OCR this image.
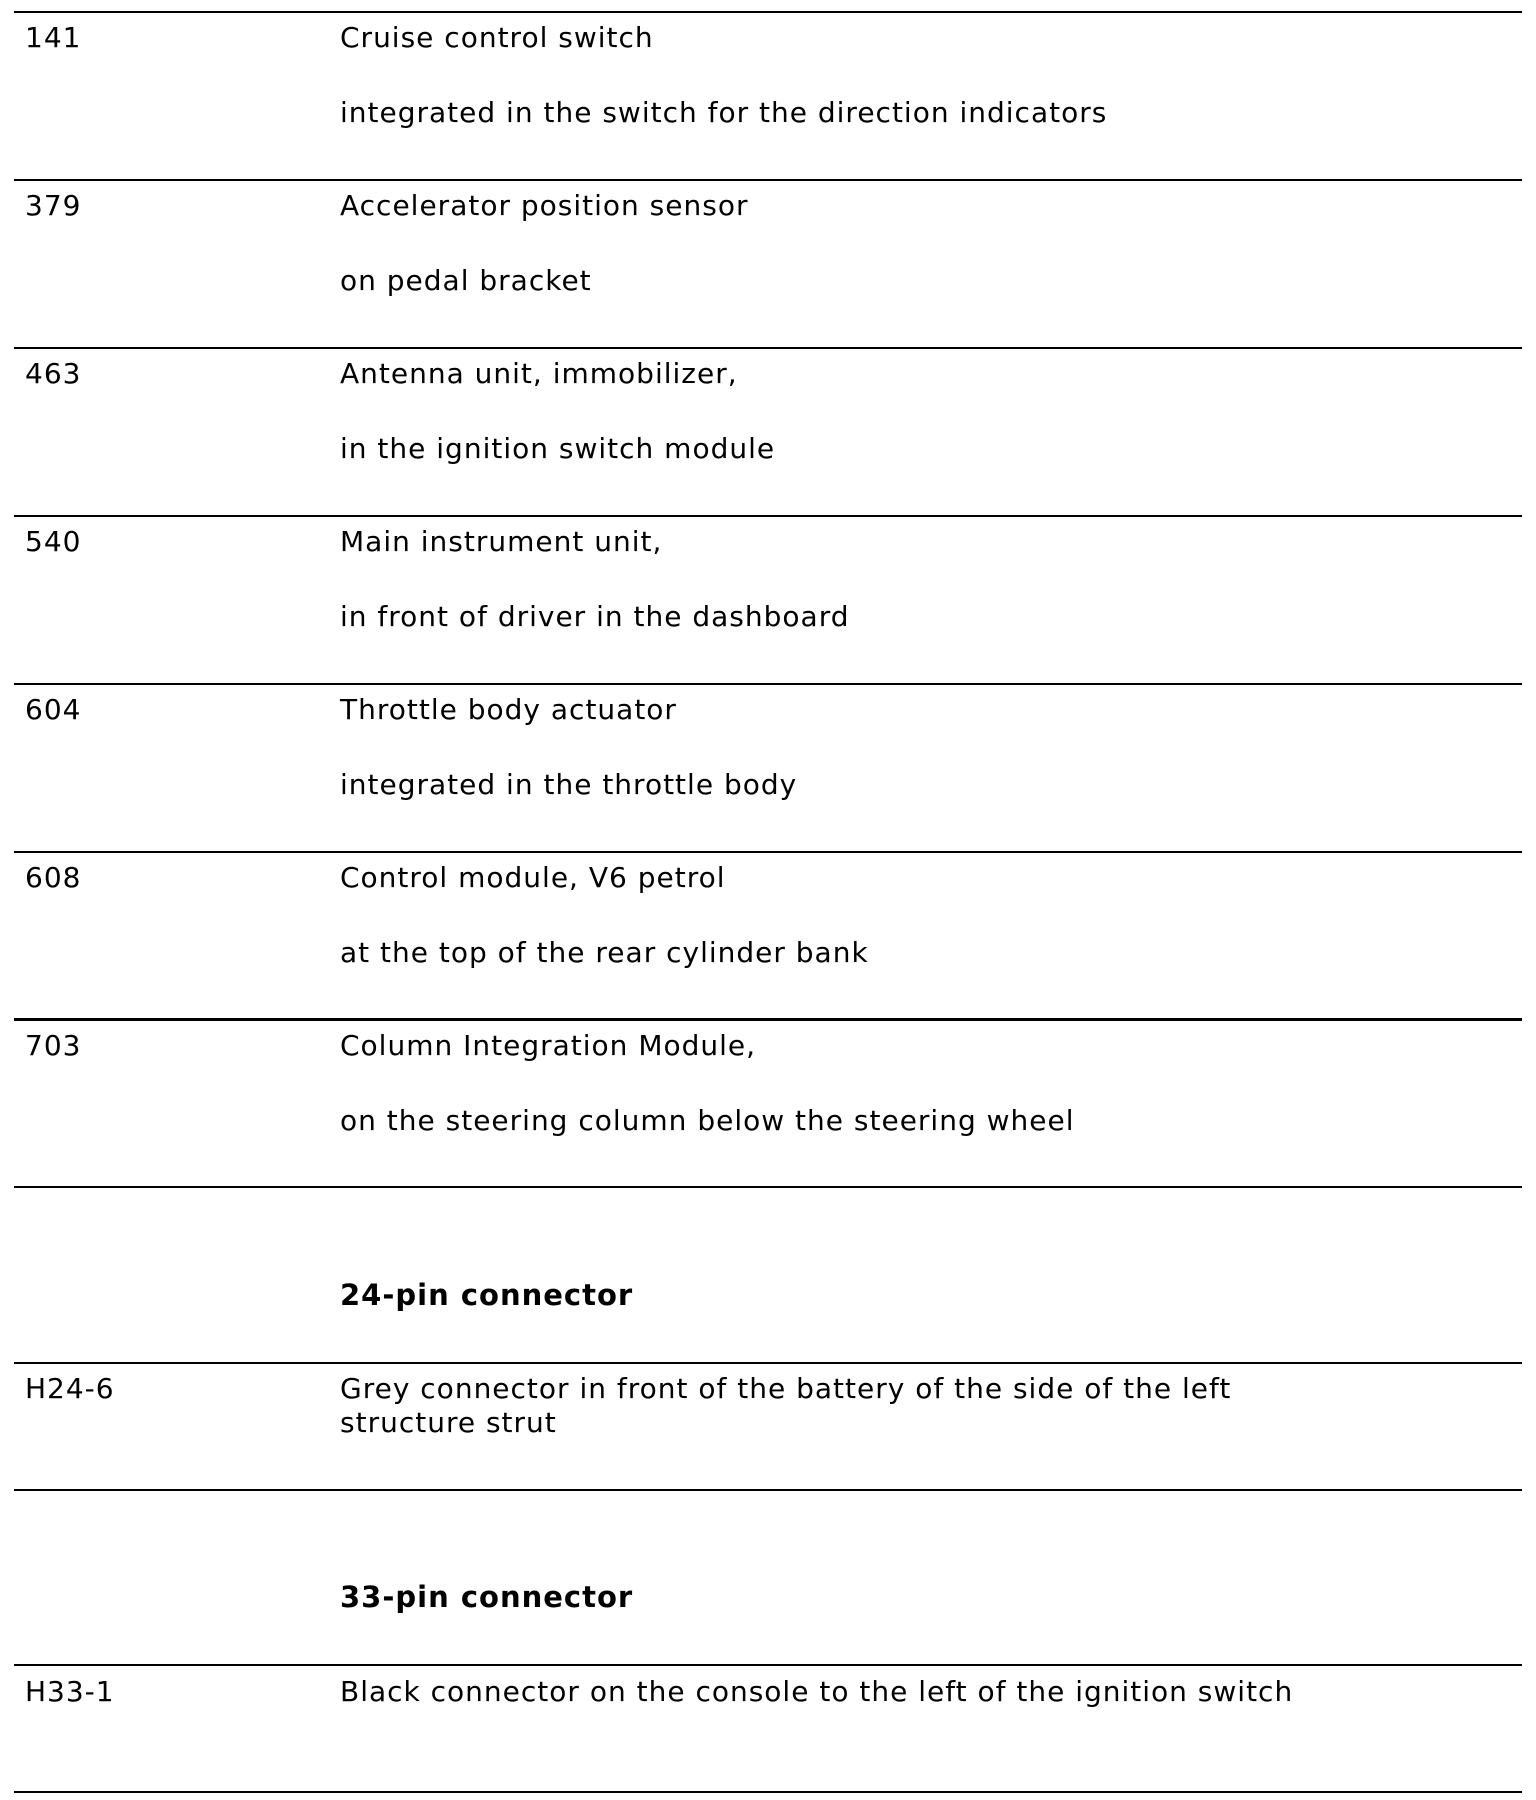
141	Cruise control switch
integrated in the switch for the direction indicators
379	Accelerator position sensor
on pedal bracket
463	Antenna unit, immobilizer,
in the ignition switch module
540	Main instrument unit,
in front of driver in the dashboard
604	Throttle body actuator
integrated in the throttle body
608	Control module, V6 petrol
at the top of the rear cylinder bank
703	Column Integration Module,
on the steering column below the steering wheel
24-pin connector
H24-6	Grey connector in front of the battery of the side of the left structure strut
33-pin connector
H33-1	Black connector on the console to the left of the ignition switch
